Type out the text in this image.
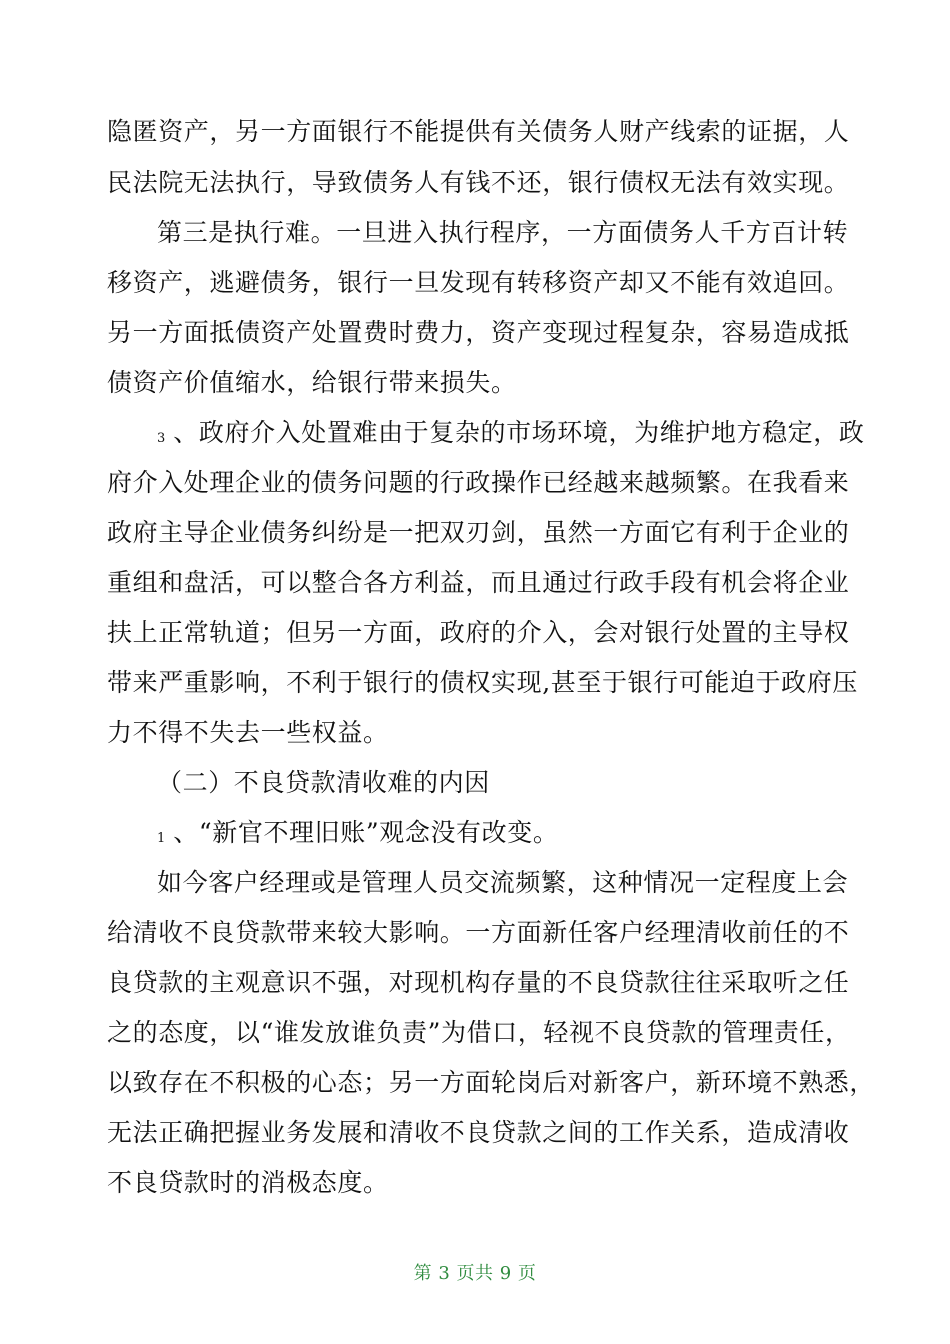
隐匿资产，另一方面银行不能提供有关债务人财产线索的证据，人
民法院无法执行，导致债务人有钱不还，银行债权无法有效实现。
第三是执行难。一旦进入执行程序，一方面债务人千方百计转
移资产，逃避债务，银行一旦发现有转移资产却又不能有效追回。
另一方面抵债资产处置费时费力，资产变现过程复杂，容易造成抵
债资产价值缩水，给银行带来损失。
3 、政府介入处置难由于复杂的市场环境，为维护地方稳定，政
府介入处理企业的债务问题的行政操作已经越来越频繁。在我看来
政府主导企业债务纠纷是一把双刃剑，虽然一方面它有利于企业的
重组和盘活，可以整合各方利益，而且通过行政手段有机会将企业
扶上正常轨道；但另一方面，政府的介入，会对银行处置的主导权
带来严重影响，不利于银行的债权实现,甚至于银行可能迫于政府压
力不得不失去一些权益。
（二）不良贷款清收难的内因
1 、“新官不理旧账”观念没有改变。
如今客户经理或是管理人员交流频繁，这种情况一定程度上会
给清收不良贷款带来较大影响。一方面新任客户经理清收前任的不
良贷款的主观意识不强，对现机构存量的不良贷款往往采取听之任
之的态度，以“谁发放谁负责”为借口，轻视不良贷款的管理责任，
以致存在不积极的心态；另一方面轮岗后对新客户，新环境不熟悉，
无法正确把握业务发展和清收不良贷款之间的工作关系，造成清收
不良贷款时的消极态度。
第 3 页共 9 页
